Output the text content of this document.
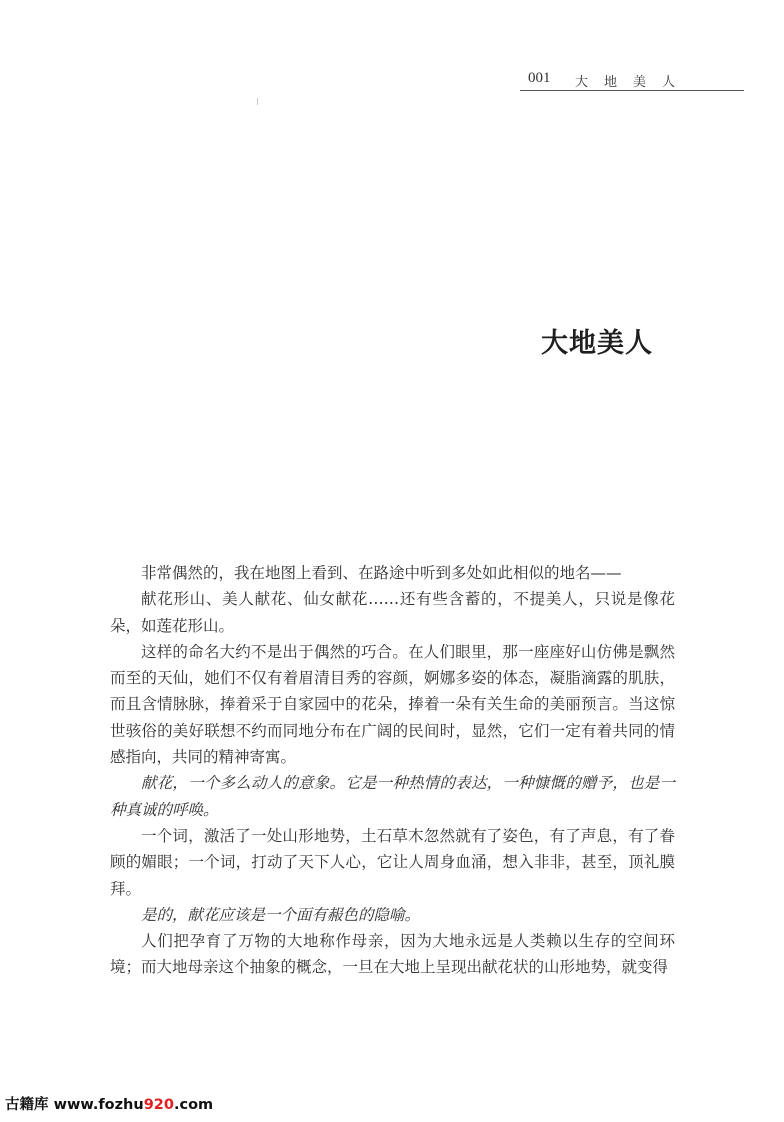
001 大地美人
大地美人

非常偶然的，我在地图上看到、在路途中听到多处如此相似的地名——

献花形山、美人献花、仙女献花……还有些含蓄的，不提美人，只说是像花朵，如莲花形山。

这样的命名大约不是出于偶然的巧合。在人们眼里，那一座座好山仿佛是飘然而至的天仙，她们不仅有着眉清目秀的容颜，婀娜多姿的体态，凝脂滴露的肌肤，而且含情脉脉，捧着采于自家园中的花朵，捧着一朵有关生命的美丽预言。当这惊世骇俗的美好联想不约而同地分布在广阔的民间时，显然，它们一定有着共同的情感指向，共同的精神寄寓。

献花，一个多么动人的意象。它是一种热情的表达，一种慷慨的赠予，也是一种真诚的呼唤。

一个词，激活了一处山形地势，土石草木忽然就有了姿色，有了声息，有了眷顾的媚眼；一个词，打动了天下人心，它让人周身血涌，想入非非，甚至，顶礼膜拜。

是的，献花应该是一个面有赧色的隐喻。

人们把孕育了万物的大地称作母亲，因为大地永远是人类赖以生存的空间环境；而大地母亲这个抽象的概念，一旦在大地上呈现出献花状的山形地势，就变得

古籍库 www.fozhu920.com
